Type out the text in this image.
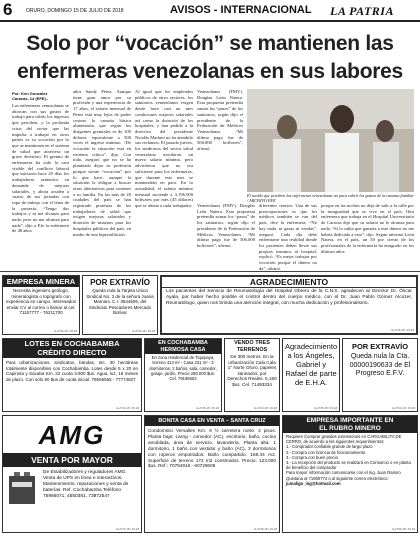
6	ORURO, DOMINGO 15 DE JULIO DE 2018	AVISOS - INTERNACIONAL LA PATRIA
Solo por “vocación” se mantienen las
enfermeras venezolanas en sus labores
Por: Ken González
Caracas, 14 (EFE).-
Las enfermeras venezolanas se ahorcan con sus gastos de trabajo para cubrir los ingresos que perciben, y la profunda crisis del sector que las impulsa a trabajar en otros países es su vocación por lo que se mantienen en el sistema de salud que atraviesa un grave deterioro. El gremio de enfermeras ha sido la cara visible del conflicto laboral que iniciaron hace 20 días los trabajadores sanitarios en demanda de mejoras salariales, y ahora acuden a cuatro de sus jornadas con ropa de trabajo con el lema de la protesta. “Tengo dos trabajos y ni me alcanzo para nada, pero no me alcanza para nada”, dijo a Efe la enfermera de 48 años
años Sandy Pérez. Aunque tiene gran amor por su profesión y una experiencia de 17 años, el salario mensual de Pérez está muy lejos de poder costear la canasta básica alimentaria, que según los dirigentes gremiales es de 100 dólares, equivalente a 500 veces el ingreso mínimo. “De vocación la situación está en extremo crítica”, dijo. Con todo, aseguró que no se ha planteado dejar su profesión porque siente “vocación” por lo que hace, aunque la situación la obligue a buscar otras alternativas para sostener a su familia. En las más de 20 ciudades del país se han registrado protestas de los trabajadores de salud que exigen mejoras salariales y dotación de insumos para los hospitales públicos del país, en medio de una hiperinflación.
Al igual que los empleados públicos de otros sectores, los sanitarios venezolanos exigen desde hace casi un mes condiciones mejores salariales así como la dotación de los hospitales, y han pedido a la directiva del presidente Nicolás Maduro no ha atendido sus reclamos. El pasado jueves, los sindicatos del sector salud venezolano acordaron un nuevo salario mínimo, pero advirtieron que no era suficiente para los enfermeros, que durante este mes se mantendrán en paro. En lo actualidad, el salario mínimo mensual asciende a 3.196.000 bolívares por mes (45 dólares) que se abona a cada trabajador.
Venezolanos (FMV), Douglas León Natera. Esta propuesta pretendía sumar los “pasos” de los sanitarios, según dijo el presidente de la Federación de Médicos Venezolanos. “Mi último pago fue de 506.000 bolívares”, afirmó.
Venezolanos (FMV), Douglas León Natera. Esta propuesta pretendía sumar los “pasos” de los sanitarios, según dijo el presidente de la Federación de Médicos Venezolanos. “Mi último pago fue de 506.000 bolívares”, afirmó.
diferentes centros. Una de sus preocupaciones es que los médicos también se van del país, dice la enfermera. “No hay nada, ni gasas ni vendas”, aseguró. Cada día debe enfrentarse una realidad donde los pacientes deben llevar sus propios insumos al hospital, explicó. “Es mejor trabajar por vocación porque el dinero no da”, afirmó.
porque en las noches no deja de salir a la calle por la inseguridad que se vive en el país. Otra enfermera que trabaja en el Hospital Universitario de Caracas dijo que su salario no le alcanza para nada. “Si lo sabía que ganaría a este dinero no me habría dedicado a esto”, dijo. Según informó León Natera, en el país, un 50 por ciento de los profesionales de la enfermería ha emigrado en los últimos años.
El sueldo que perciben las enfermeras venezolanas no para cubrir los gastos de la canasta familiar / ARCHIVO EFE
EMPRESA MINERA
Necesita ingeniero geólogo, mineralogista o topógrafo con experiencia en campo. Interesados enviar CV al correo o llamar al cel. 71157777 - 76211700
E-2734-18 / 18-18
POR EXTRAVÍO
Queda nula la Tarjeta Única Sindical No. 3 de la señora Juana Mamani. C.I. 3544605, del Sindicato Pescadores Mercado Bolívar
E-2732-18 / 15-18
AGRADECIMIENTO
Los pacientes del Servicio de Reumatología del Hospital Obrero de la C.N.S. agradecen al Director Dr. Óscar Ayala, por haber hecho posible el control dentro del cuerpo médico, con el Dr. Juan Pablo Gómez Alcozer, Reumatólogo, quien nos brinda una atención integral, con mucha dedicación y profesionalismo.
E-2716-18 / 15-18
LOTES EN COCHABAMBA
CRÉDITO DIRECTO
Para urbanizaciones, sindicatos, bandas, etc. 30 hectáreas totalmente disponibles con Cochabamba. Lotes desde 5 x 20 en Capinota y Sacaba Km. 22 cuota 3.900 $us. Agua, luz, 18 meses de plazo. Con sólo 50 $us de cuota inicial. 79555555 - 77774827
E-2714-18 / 15-18
EN COCHABAMBA
HERMOSA CASA
En zona residencial de Tiquipaya, terreno 413 m² - Casa 231 m² - 3 dormitorios, 2 baños, sala, comedor, garaje, jardín, Precio 280.000 $us. Cel. 79195553
E-2715-18 / 15-18
VENDO TRES
TERRENOS
De 300 metros. En la urbanización Cala Cala 1° Norte Oruro, papeles saneados, por Derechos Reales. 6.150 $us. Cel. 71493334
E-2720-18 / 15-18
Agradecimiento a los Ángeles, Gabriel y Rafael de parte de E.H.A.
E-2735-18 / 15-18
POR EXTRAVÍO
Queda nula la Cta. 00000190633 de El Progreso E.F.V.
E-2733-18 / 15-18
AMG
VENTA POR MAYOR
De Estabilizadores y reguladores AMG. Venta de UPS en línea e interactivos. Mantenimiento, reparaciones y venta de baterías. Ref. Cochabamba Teléfono 75966071, 4550381, 73972547
E-2717-18 / 15-18
BONITA CASA EN VENTA – SANTA CRUZ
Condominio Versalles Km. 9 ½ carretera norte. 2 pisos. Planta baja: Living - comedor (AC), escritorio, baño, cocina amoblada, área de servicio, lavandería. Planta alta: 1 dormitorio, 1 baño con vestidor y baño (AC), 3 dormitorios con roperos empotrados. Baño compartido. 168.34 m2. Superficie de terreno 172 m2 construidos. Precio: 123.000 $us. Ref.: 70794916 - 60729608
E-2729-18 / 15-18
EMPRESA IMPORTANTE EN
EL RUBRO MINERO
Requiere Comprar grandes extensiones en CARGABILITA DE CERRO, de acuerdo a los siguientes requerimientos:
1.- Comprador confiable grande de largo plazo
2.- Compra con licencia de funcionamiento
3.- Compra con buen precio
4.- La recepción del producto se realizará en Consorcio o en planta de beneficio del comprador
Para mayor información comunicarse con el Ing. Juan Ramiro Quintana al 71900774 o al siguiente correo electrónico:
jumaligo_ing@hotmail.com
E-2736-18 / 15-18
